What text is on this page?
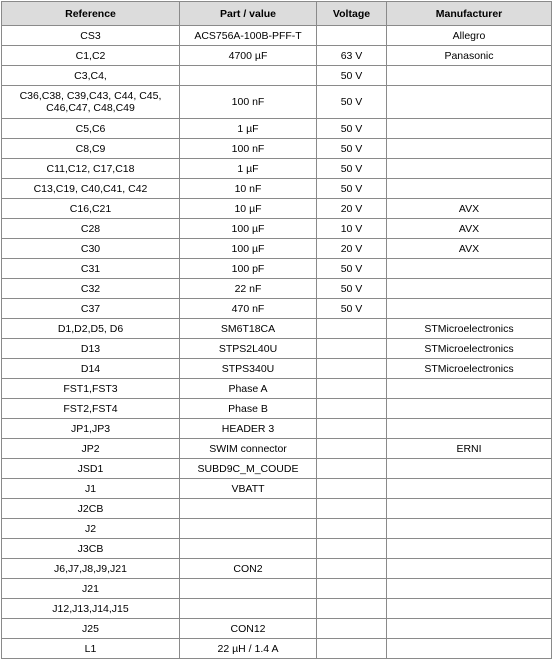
Reference	Part / value	Voltage	Manufacturer
CS3	ACS756A-100B-PFF-T		Allegro
C1,C2	4700 µF	63 V	Panasonic
C3,C4,		50 V	
C36,C38, C39,C43, C44, C45, C46,C47, C48,C49	100 nF	50 V	
C5,C6	1 µF	50 V	
C8,C9	100 nF	50 V	
C11,C12, C17,C18	1 µF	50 V	
C13,C19, C40,C41, C42	10 nF	50 V	
C16,C21	10 µF	20 V	AVX
C28	100 µF	10 V	AVX
C30	100 µF	20 V	AVX
C31	100 pF	50 V	
C32	22 nF	50 V	
C37	470 nF	50 V	
D1,D2,D5, D6	SM6T18CA		STMicroelectronics
D13	STPS2L40U		STMicroelectronics
D14	STPS340U		STMicroelectronics
FST1,FST3	Phase A		
FST2,FST4	Phase B		
JP1,JP3	HEADER 3		
JP2	SWIM connector		ERNI
JSD1	SUBD9C_M_COUDE		
J1	VBATT		
J2CB			
J2			
J3CB			
J6,J7,J8,J9,J21	CON2		
J21			
J12,J13,J14,J15			
J25	CON12		
L1	22 µH / 1.4 A		
